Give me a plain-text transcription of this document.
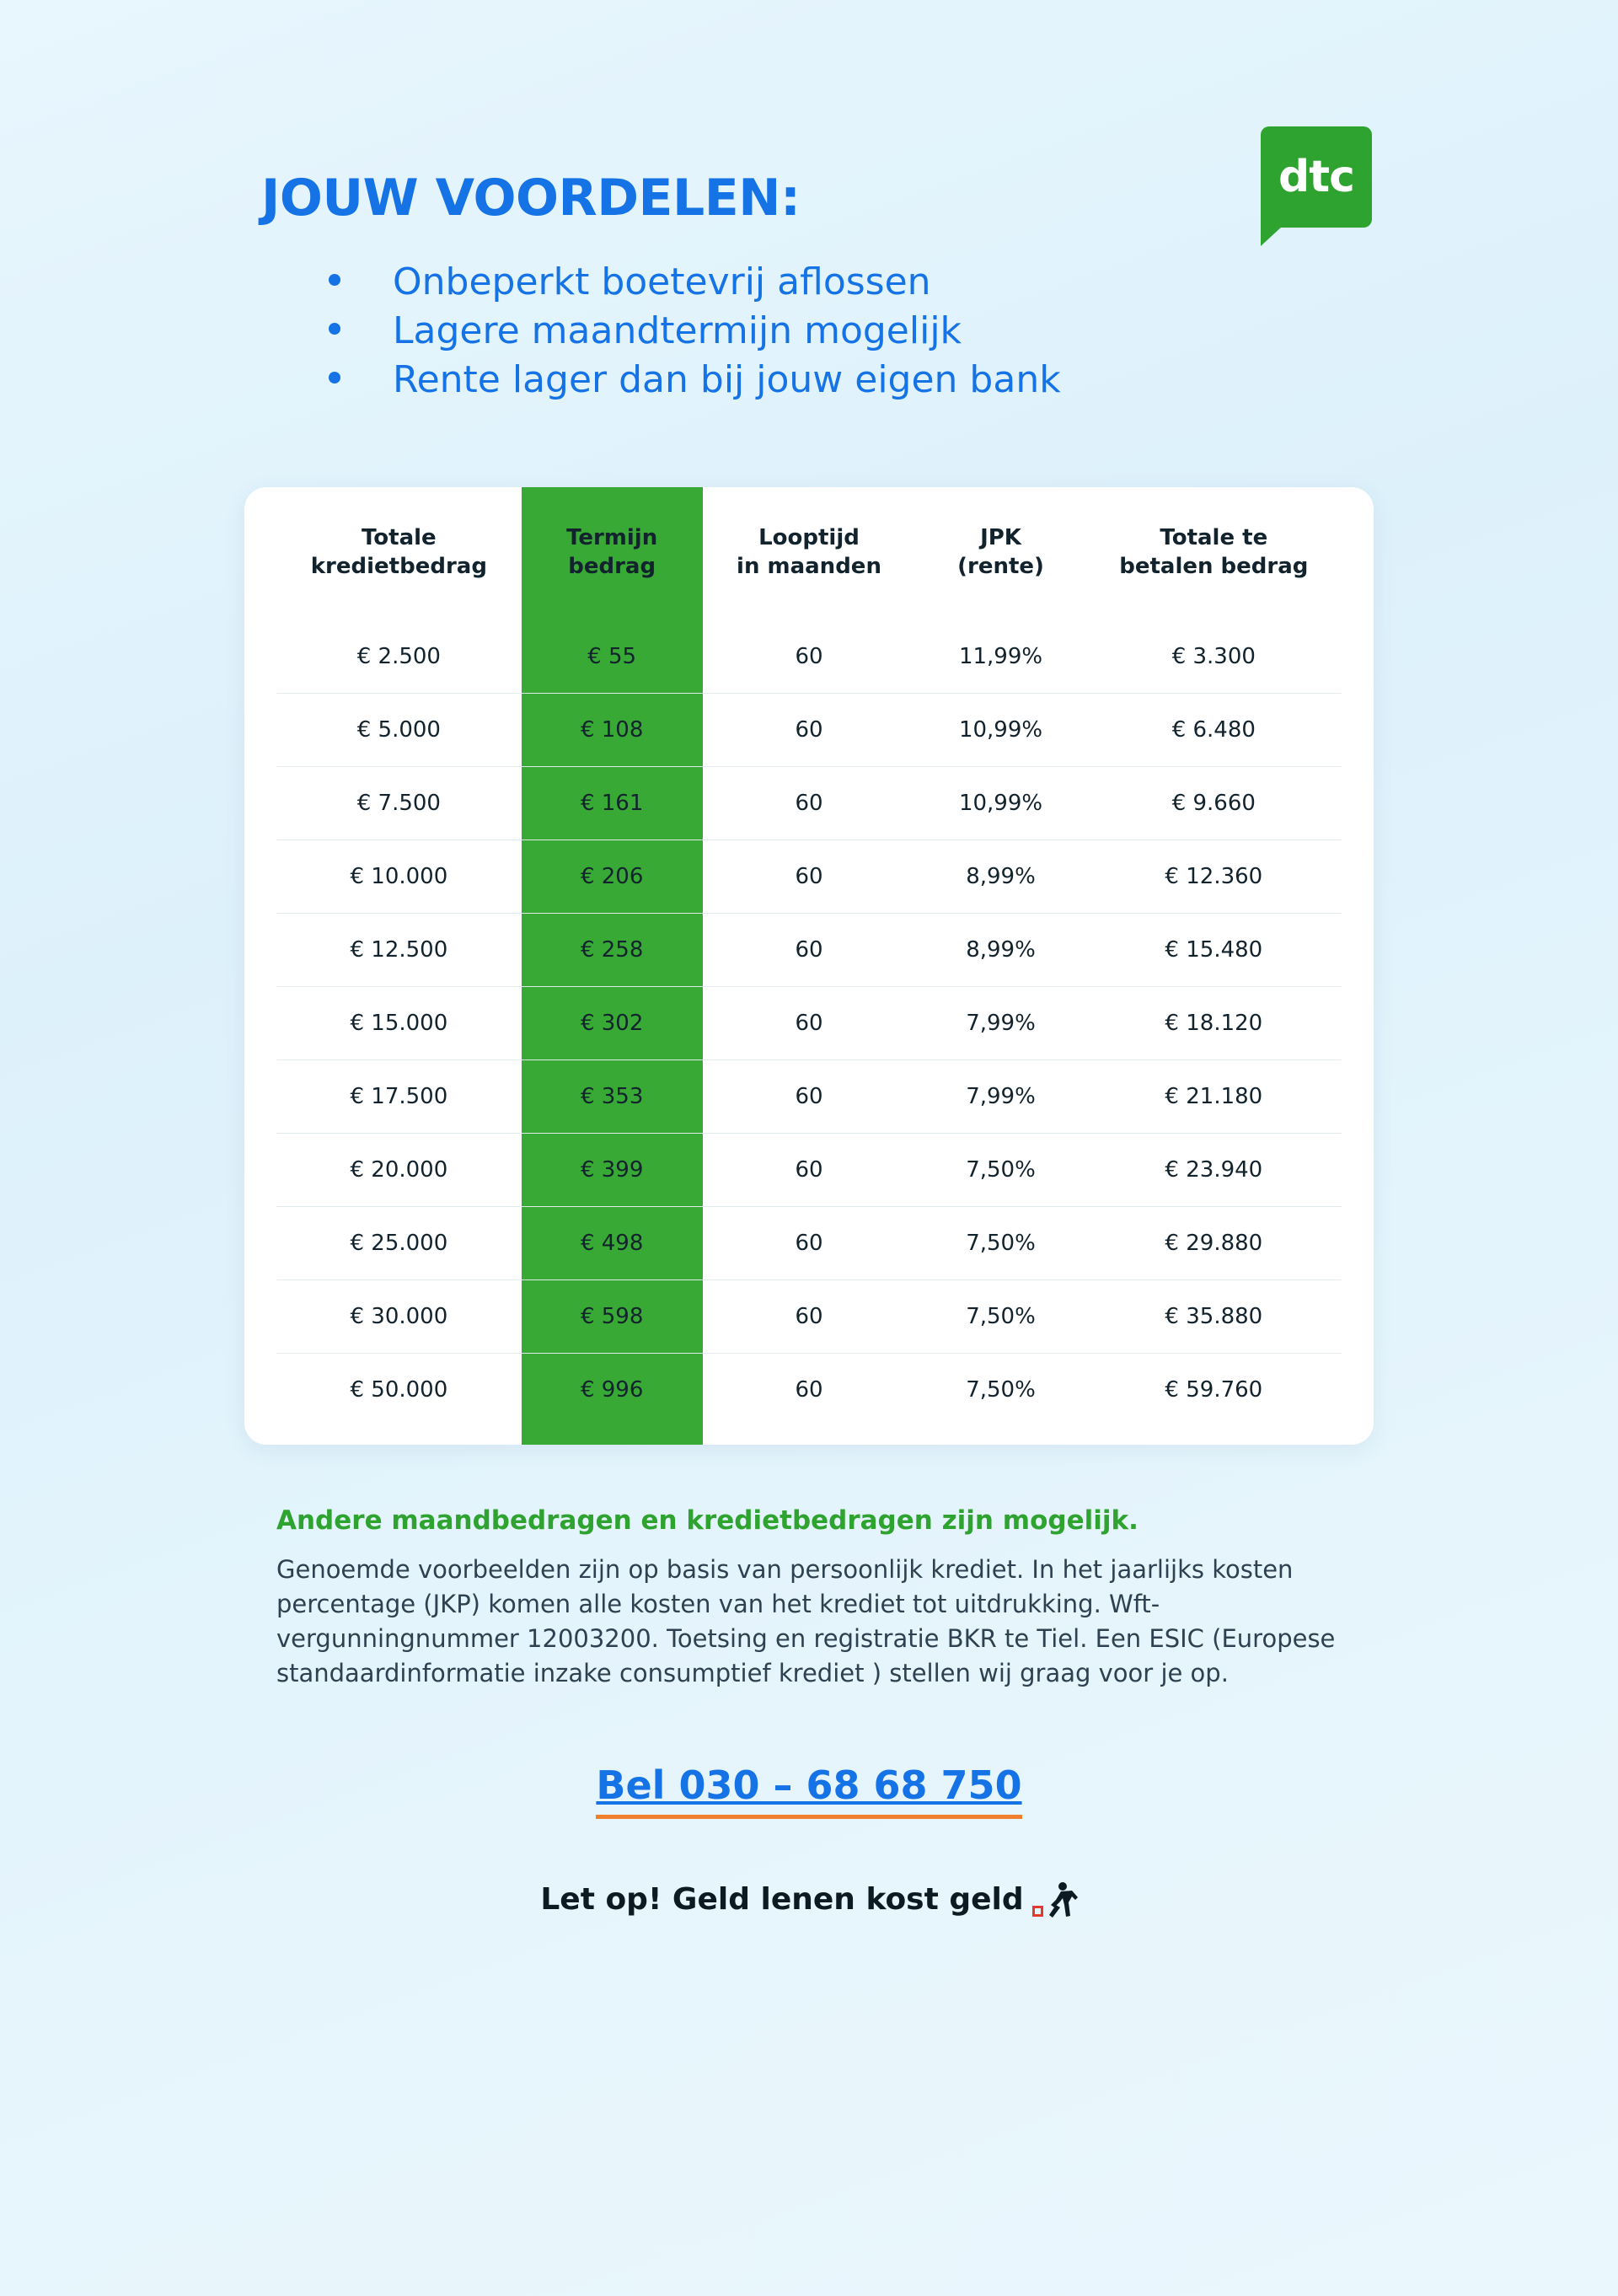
dtc
JOUW VOORDELEN:
Onbeperkt boetevrij aflossen
Lagere maandtermijn mogelijk
Rente lager dan bij jouw eigen bank
Totale
kredietbedrag

Termijn
bedrag

Looptijd
in maanden

JPK
(rente)

Totale te
betalen bedrag

€ 2.500	€ 55	60	11,99%	€ 3.300
€ 5.000	€ 108	60	10,99%	€ 6.480
€ 7.500	€ 161	60	10,99%	€ 9.660
€ 10.000	€ 206	60	8,99%	€ 12.360
€ 12.500	€ 258	60	8,99%	€ 15.480
€ 15.000	€ 302	60	7,99%	€ 18.120
€ 17.500	€ 353	60	7,99%	€ 21.180
€ 20.000	€ 399	60	7,50%	€ 23.940
€ 25.000	€ 498	60	7,50%	€ 29.880
€ 30.000	€ 598	60	7,50%	€ 35.880
€ 50.000	€ 996	60	7,50%	€ 59.760
Andere maandbedragen en kredietbedragen zijn mogelijk.
Genoemde voorbeelden zijn op basis van persoonlijk krediet. In het jaarlijks kosten percentage (JKP) komen alle kosten van het krediet tot uitdrukking. Wft-vergunningnummer 12003200. Toetsing en registratie BKR te Tiel. Een ESIC (Europese standaardinformatie inzake consumptief krediet ) stellen wij graag voor je op.
Bel 030 – 68 68 750
Let op! Geld lenen kost geld
